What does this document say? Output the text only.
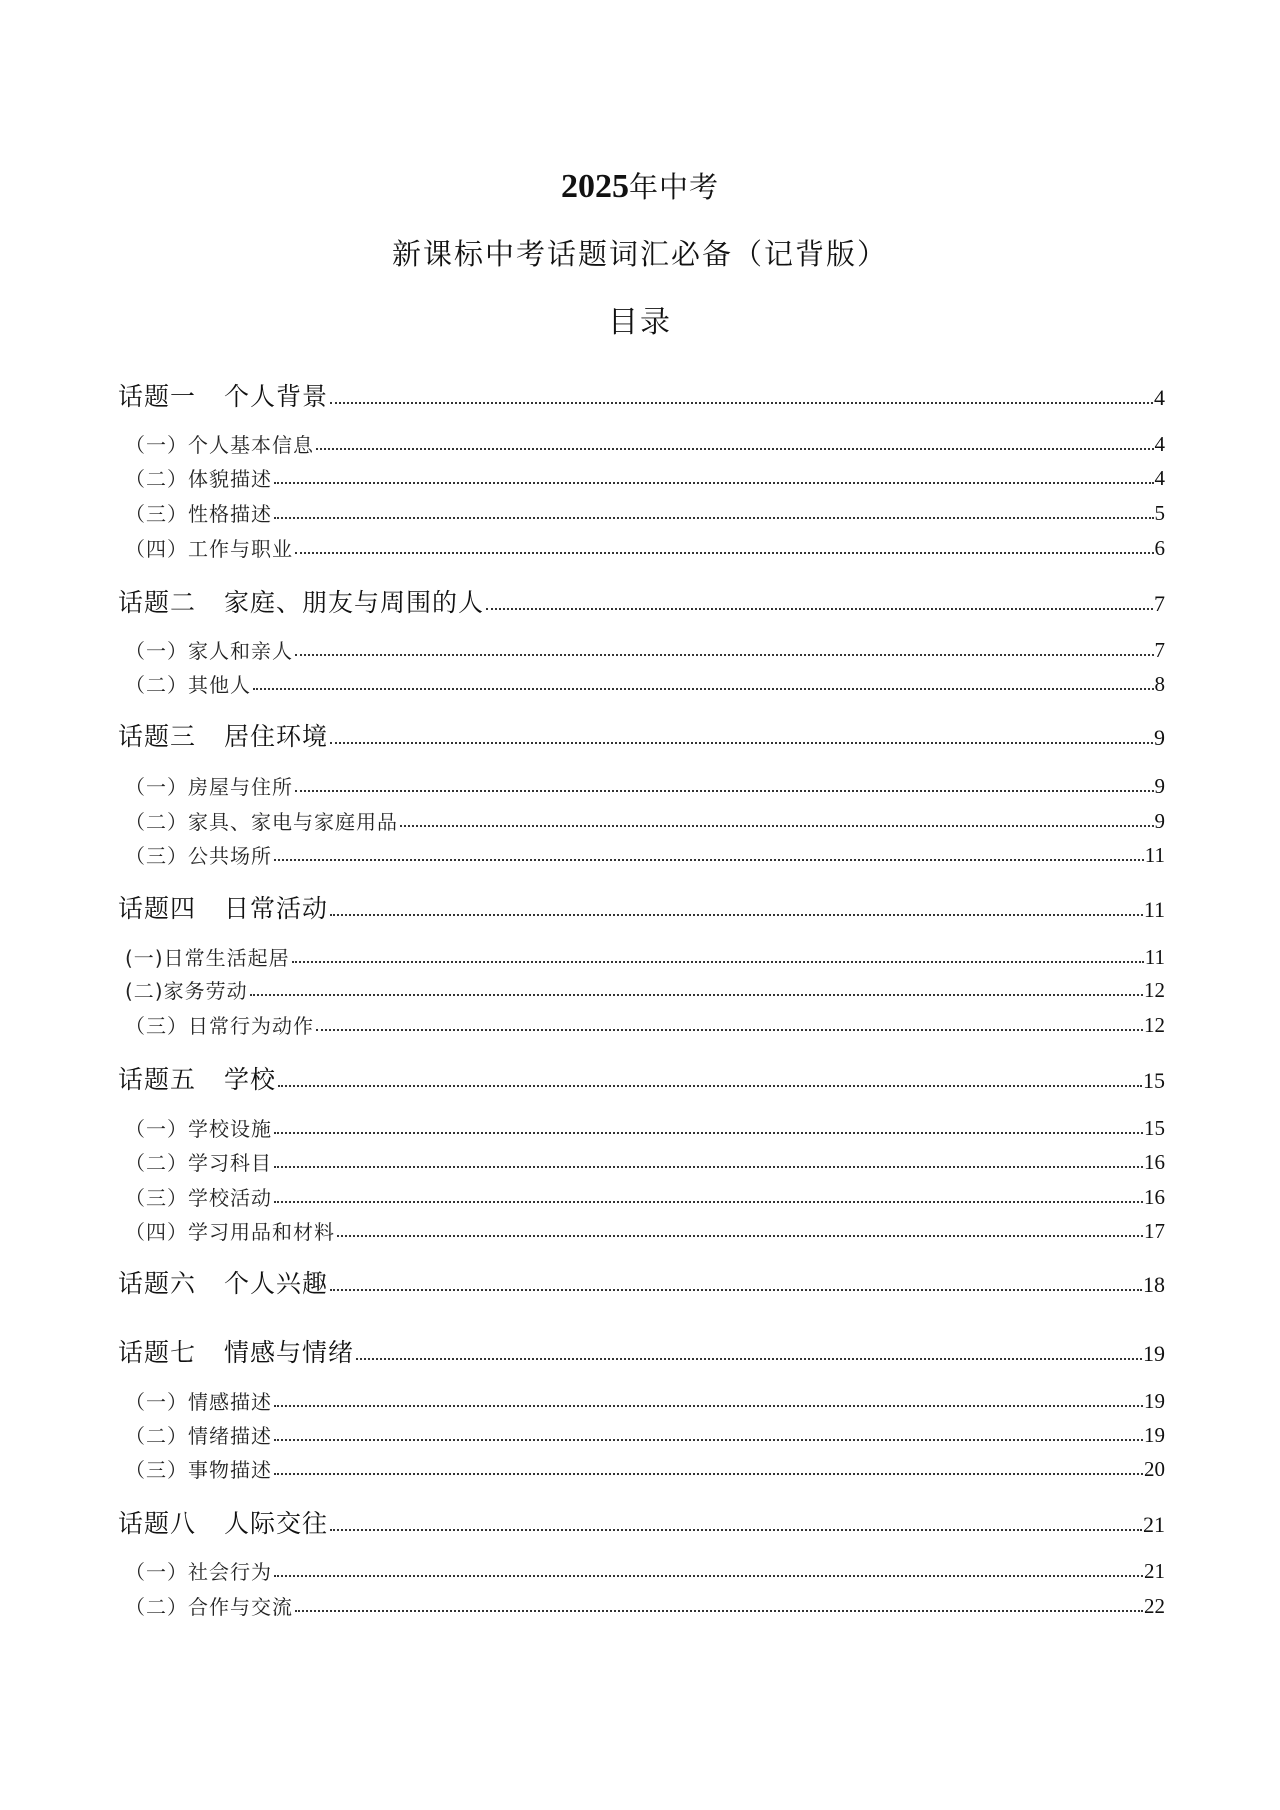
2025年中考
新课标中考话题词汇必备（记背版）
目录
话题一 个人背景	4
（一）个人基本信息	4
（二）体貌描述	4
（三）性格描述	5
（四）工作与职业	6
话题二 家庭、朋友与周围的人	7
（一）家人和亲人	7
（二）其他人	8
话题三 居住环境	9
（一）房屋与住所	9
（二）家具、家电与家庭用品	9
（三）公共场所	11
话题四 日常活动	11
(一)日常生活起居	11
(二)家务劳动	12
（三）日常行为动作	12
话题五 学校	15
（一）学校设施	15
（二）学习科目	16
（三）学校活动	16
（四）学习用品和材料	17
话题六 个人兴趣	18
话题七 情感与情绪	19
（一）情感描述	19
（二）情绪描述	19
（三）事物描述	20
话题八 人际交往	21
（一）社会行为	21
（二）合作与交流	22
